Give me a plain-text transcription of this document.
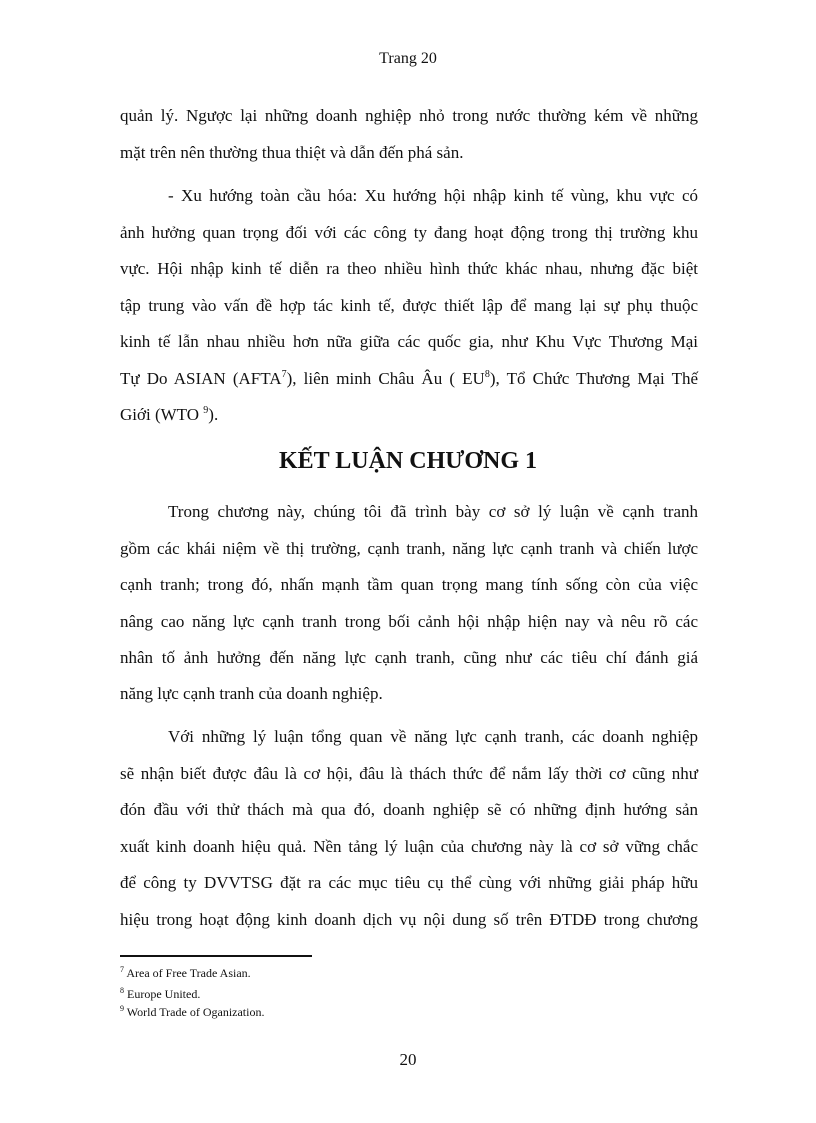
Trang 20
quản lý. Ngược lại những doanh nghiệp nhỏ trong nước thường kém về những
mặt trên nên thường thua thiệt và dẫn đến phá sản.
- Xu hướng toàn cầu hóa: Xu hướng hội nhập kinh tế vùng, khu vực có
ảnh hưởng quan trọng đối với các công ty đang hoạt động trong thị trường khu
vực. Hội nhập kinh tế diễn ra theo nhiều hình thức khác nhau, nhưng đặc biệt
tập trung vào vấn đề hợp tác kinh tế, được thiết lập để mang lại sự phụ thuộc
kinh tế lẫn nhau nhiều hơn nữa giữa các quốc gia, như Khu Vực Thương Mại
Tự Do ASIAN (AFTA$^7$), liên minh Châu Âu ( $EU^8$), Tổ Chức Thương Mại Thế
Giới (WTO $^9$).
KẾT LUẬN CHƯƠNG 1
Trong chương này, chúng tôi đã trình bày cơ sở lý luận về cạnh tranh
gồm các khái niệm về thị trường, cạnh tranh, năng lực cạnh tranh và chiến lược
cạnh tranh; trong đó, nhấn mạnh tầm quan trọng mang tính sống còn của việc
nâng cao năng lực cạnh tranh trong bối cảnh hội nhập hiện nay và nêu rõ các
nhân tố ảnh hưởng đến năng lực cạnh tranh, cũng như các tiêu chí đánh giá
năng lực cạnh tranh của doanh nghiệp.
Với những lý luận tổng quan về năng lực cạnh tranh, các doanh nghiệp
sẽ nhận biết được đâu là cơ hội, đâu là thách thức để nắm lấy thời cơ cũng như
đón đầu với thử thách mà qua đó, doanh nghiệp sẽ có những định hướng sản
xuất kinh doanh hiệu quả. Nền tảng lý luận của chương này là cơ sở vững chắc
để công ty DVVTSG đặt ra các mục tiêu cụ thể cùng với những giải pháp hữu
hiệu trong hoạt động kinh doanh dịch vụ nội dung số trên ĐTDĐ trong chương
$^7$ Area of Free Trade Asian.
$^8$ Europe United.
$^9$ World Trade of Oganization.
20
